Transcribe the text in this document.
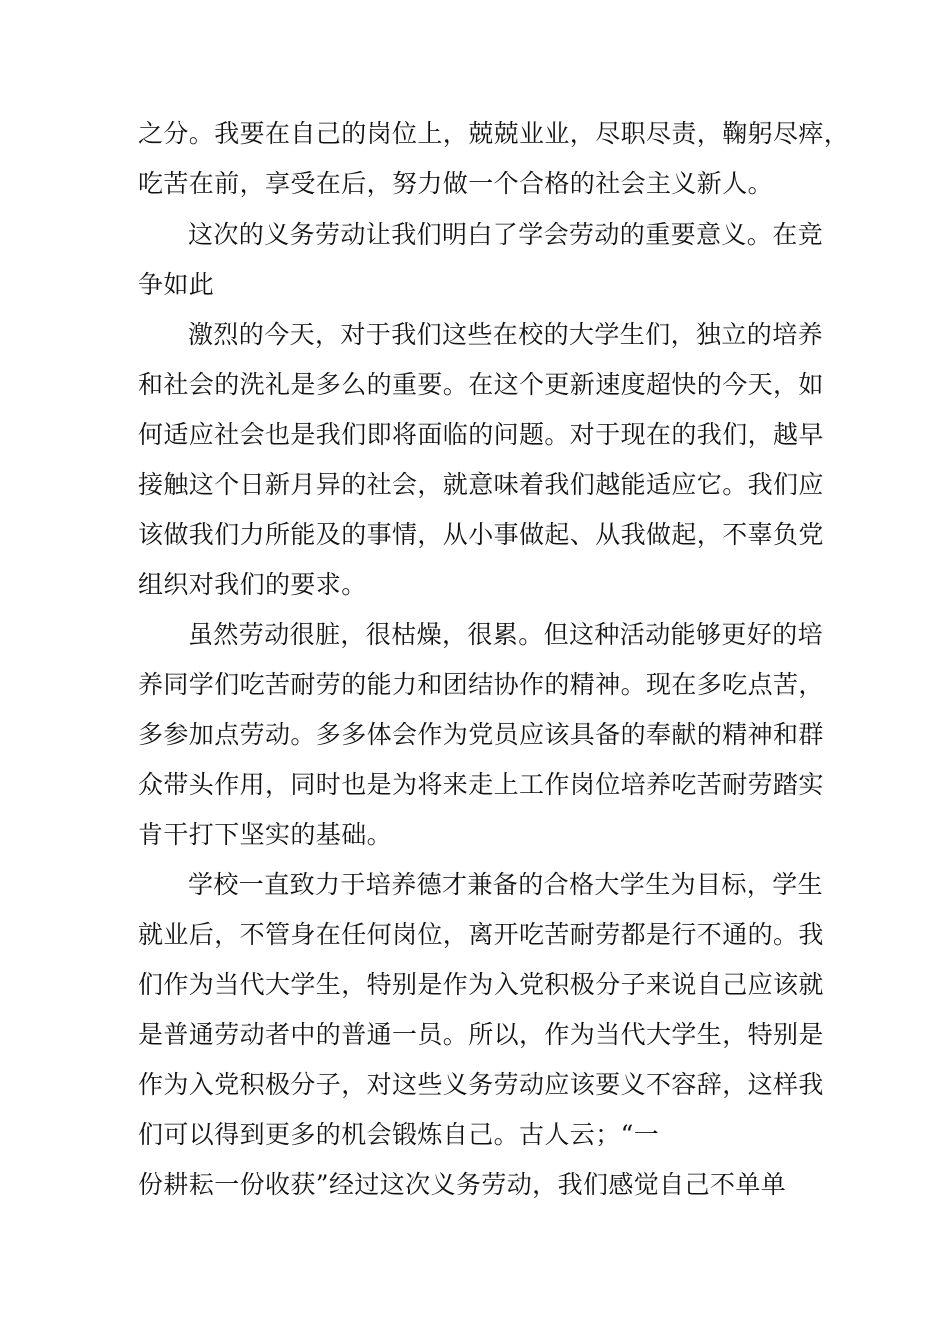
之分。我要在自己的岗位上，兢兢业业，尽职尽责，鞠躬尽瘁，
吃苦在前，享受在后，努力做一个合格的社会主义新人。
这次的义务劳动让我们明白了学会劳动的重要意义。在竞
争如此
激烈的今天，对于我们这些在校的大学生们，独立的培养
和社会的洗礼是多么的重要。在这个更新速度超快的今天，如
何适应社会也是我们即将面临的问题。对于现在的我们，越早
接触这个日新月异的社会，就意味着我们越能适应它。我们应
该做我们力所能及的事情，从小事做起、从我做起，不辜负党
组织对我们的要求。
虽然劳动很脏，很枯燥，很累。但这种活动能够更好的培
养同学们吃苦耐劳的能力和团结协作的精神。现在多吃点苦，
多参加点劳动。多多体会作为党员应该具备的奉献的精神和群
众带头作用，同时也是为将来走上工作岗位培养吃苦耐劳踏实
肯干打下坚实的基础。
学校一直致力于培养德才兼备的合格大学生为目标，学生
就业后，不管身在任何岗位，离开吃苦耐劳都是行不通的。我
们作为当代大学生，特别是作为入党积极分子来说自己应该就
是普通劳动者中的普通一员。所以，作为当代大学生，特别是
作为入党积极分子，对这些义务劳动应该要义不容辞，这样我
们可以得到更多的机会锻炼自己。古人云；“一
份耕耘一份收获”经过这次义务劳动，我们感觉自己不单单
